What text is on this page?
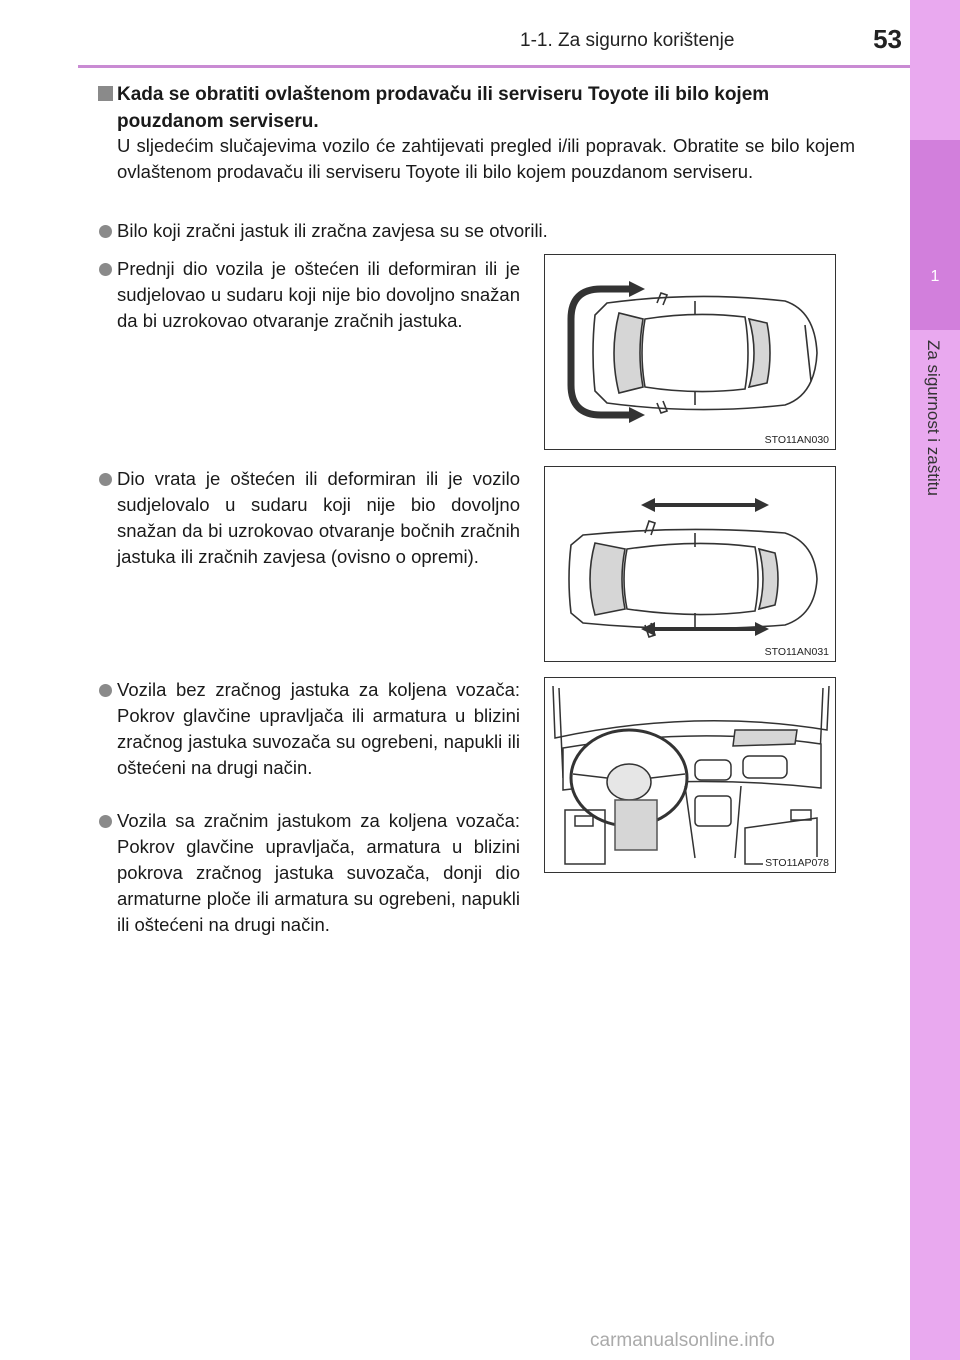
1-1. Za sigurno korištenje	53
1
Za sigurnost i zaštitu
Kada se obratiti ovlaštenom prodavaču ili serviseru Toyote ili bilo kojem pouzdanom serviseru.
U sljedećim slučajevima vozilo će zahtijevati pregled i/ili popravak. Obratite se bilo kojem ovlaštenom prodavaču ili serviseru Toyote ili bilo kojem pouzdanom serviseru.
Bilo koji zračni jastuk ili zračna zavjesa su se otvorili.
Prednji dio vozila je oštećen ili deformiran ili je sudjelovao u sudaru koji nije bio dovoljno snažan da bi uzrokovao otvaranje zračnih jastuka.
Dio vrata je oštećen ili deformiran ili je vozilo sudjelovalo u sudaru koji nije bio dovoljno snažan da bi uzrokovao otvaranje bočnih zračnih jastuka ili zračnih zavjesa (ovisno o opremi).
Vozila bez zračnog jastuka za koljena vozača: Pokrov glavčine upravljača ili armatura u blizini zračnog jastuka suvozača su ogrebeni, napukli ili oštećeni na drugi način.
Vozila sa zračnim jastukom za koljena vozača: Pokrov glavčine upravljača, armatura u blizini pokrova zračnog jastuka suvozača, donji dio armaturne ploče ili armatura su ogrebeni, napukli ili oštećeni na drugi način.
STO11AN030
STO11AN031
STO11AP078
carmanualsonline.info
